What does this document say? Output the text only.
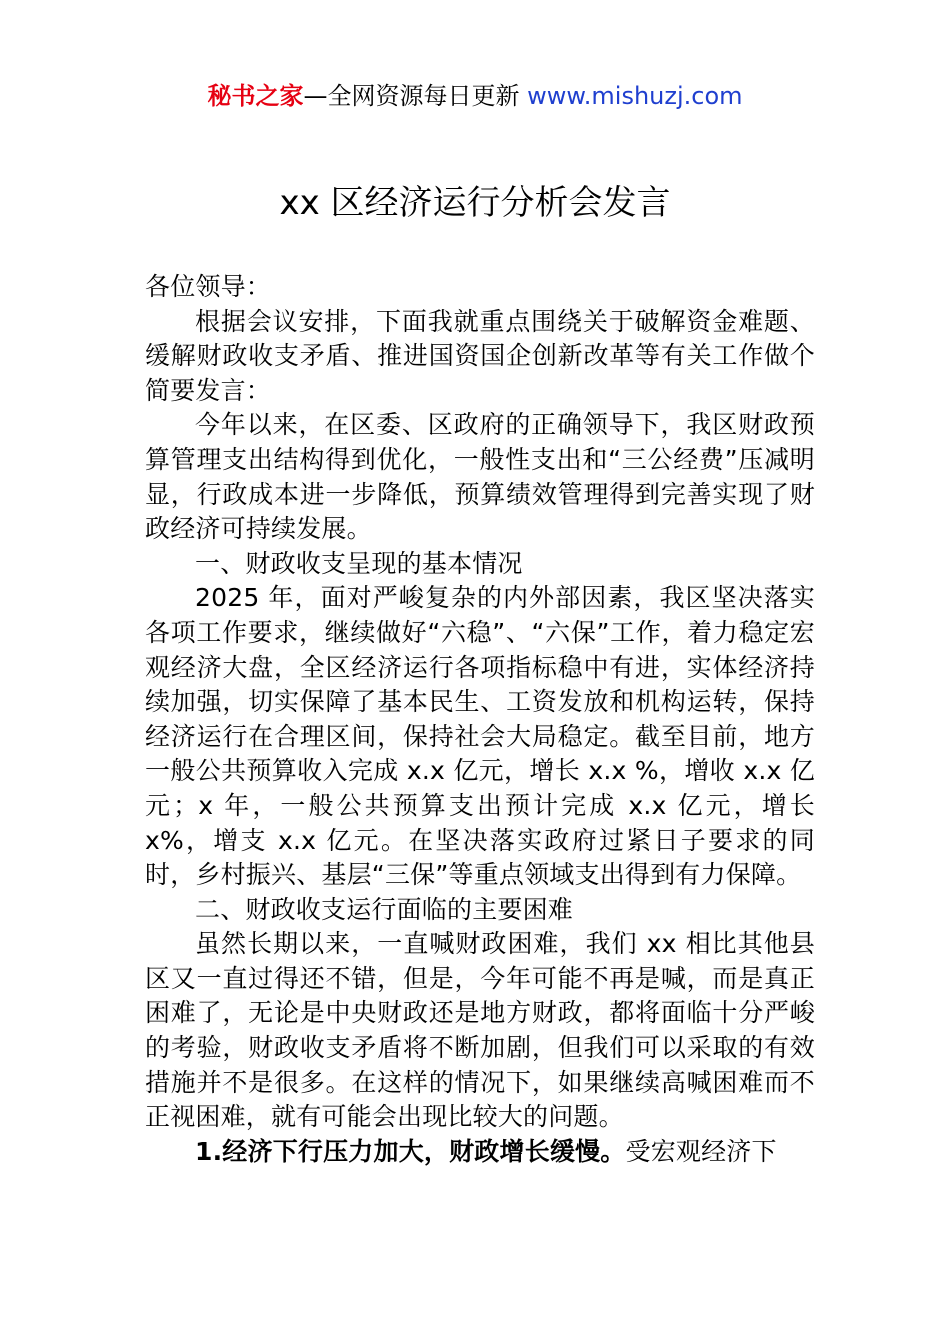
秘书之家—全网资源每日更新 www.mishuzj.com
xx 区经济运行分析会发言

各位领导：

根据会议安排，下面我就重点围绕关于破解资金难题、缓解财政收支矛盾、推进国资国企创新改革等有关工作做个简要发言：

今年以来，在区委、区政府的正确领导下，我区财政预算管理支出结构得到优化，一般性支出和“三公经费”压减明显，行政成本进一步降低，预算绩效管理得到完善实现了财政经济可持续发展。

一、财政收支呈现的基本情况

2025 年，面对严峻复杂的内外部因素，我区坚决落实各项工作要求，继续做好“六稳”、“六保”工作，着力稳定宏观经济大盘，全区经济运行各项指标稳中有进，实体经济持续加强，切实保障了基本民生、工资发放和机构运转，保持经济运行在合理区间，保持社会大局稳定。截至目前，地方一般公共预算收入完成 x.x 亿元，增长 x.x %，增收 x.x 亿元；x 年，一般公共预算支出预计完成 x.x 亿元，增长 x%，增支 x.x 亿元。在坚决落实政府过紧日子要求的同时，乡村振兴、基层“三保”等重点领域支出得到有力保障。

二、财政收支运行面临的主要困难

虽然长期以来，一直喊财政困难，我们 xx 相比其他县区又一直过得还不错，但是，今年可能不再是喊，而是真正困难了，无论是中央财政还是地方财政，都将面临十分严峻的考验，财政收支矛盾将不断加剧，但我们可以采取的有效措施并不是很多。在这样的情况下，如果继续高喊困难而不正视困难，就有可能会出现比较大的问题。

1.经济下行压力加大，财政增长缓慢。受宏观经济下
